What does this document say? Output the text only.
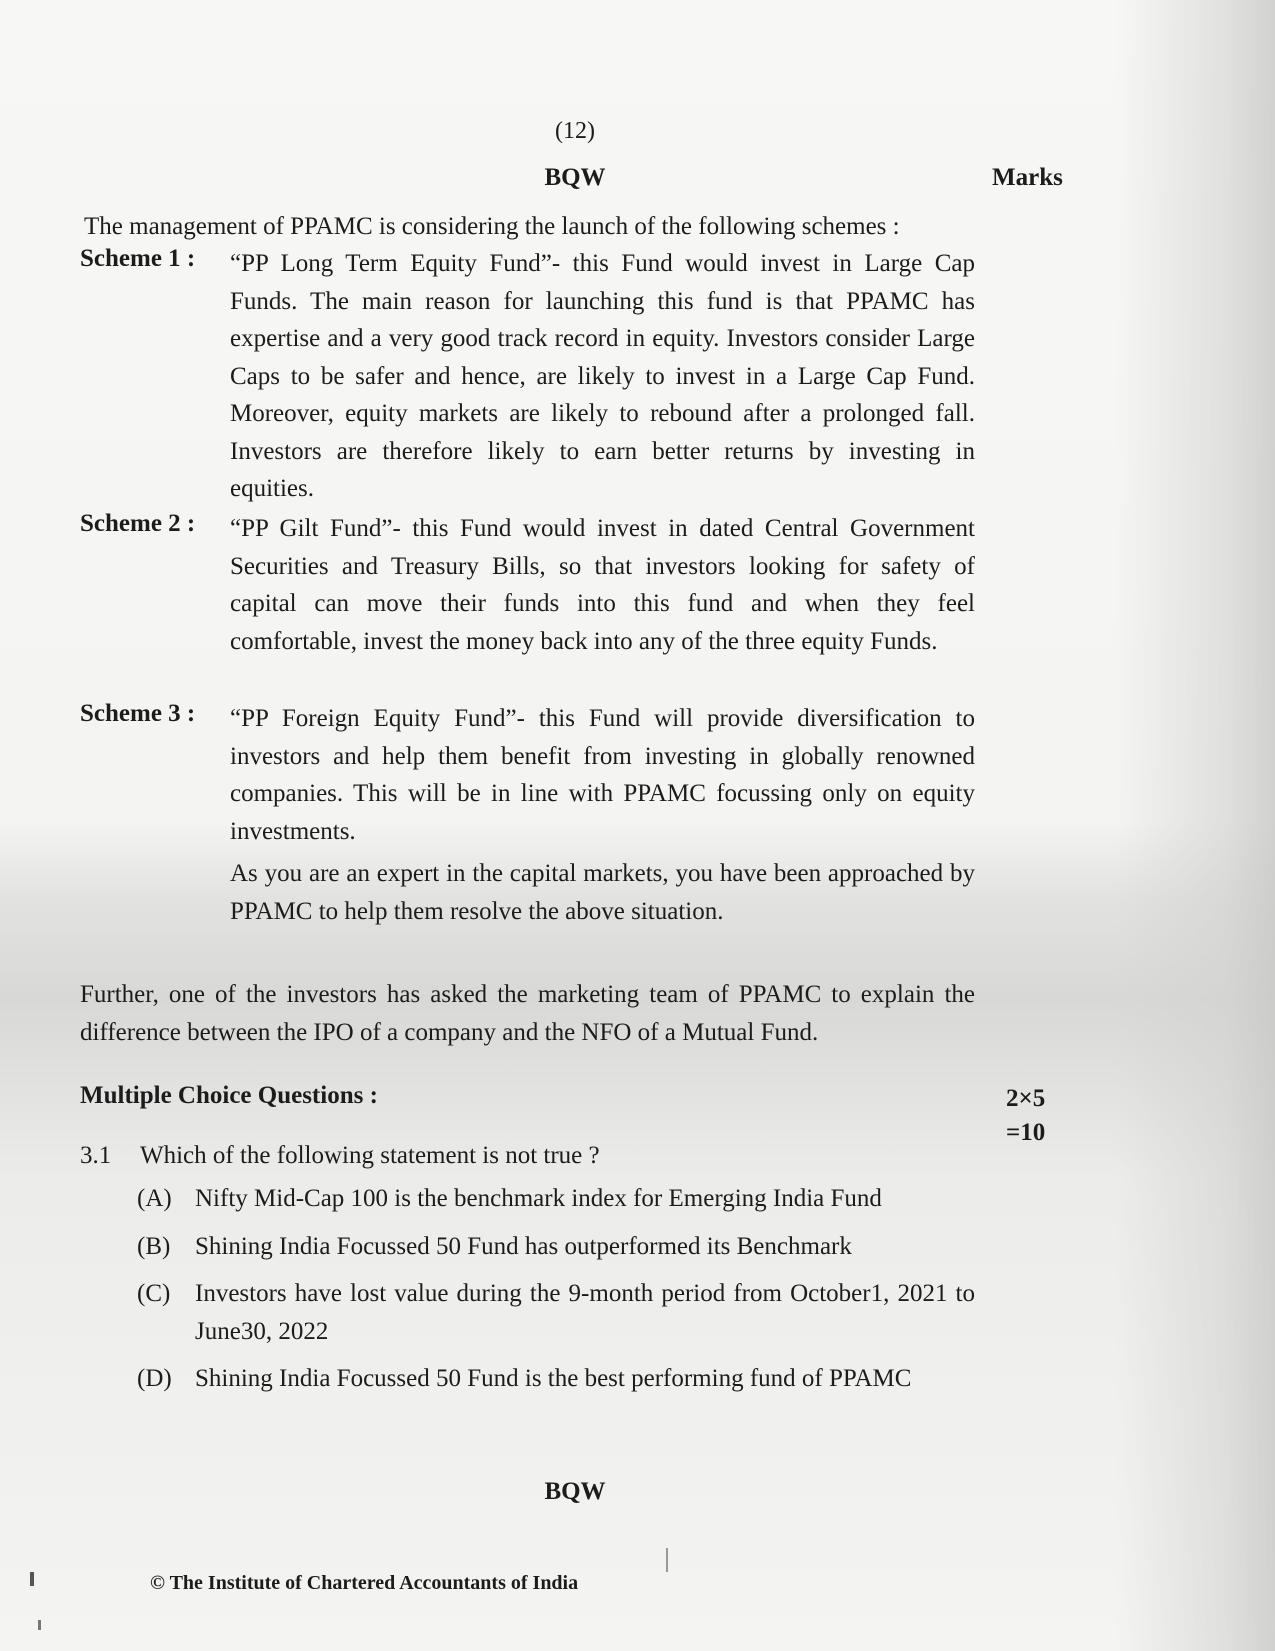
(12)
BQW	Marks
The management of PPAMC is considering the launch of the following schemes :
Scheme 1 : “PP Long Term Equity Fund”- this Fund would invest in Large Cap Funds. The main reason for launching this fund is that PPAMC has expertise and a very good track record in equity. Investors consider Large Caps to be safer and hence, are likely to invest in a Large Cap Fund. Moreover, equity markets are likely to rebound after a prolonged fall. Investors are therefore likely to earn better returns by investing in equities.
Scheme 2 : “PP Gilt Fund”- this Fund would invest in dated Central Government Securities and Treasury Bills, so that investors looking for safety of capital can move their funds into this fund and when they feel comfortable, invest the money back into any of the three equity Funds.
Scheme 3 : “PP Foreign Equity Fund”- this Fund will provide diversification to investors and help them benefit from investing in globally renowned companies. This will be in line with PPAMC focussing only on equity investments.
As you are an expert in the capital markets, you have been approached by PPAMC to help them resolve the above situation.
Further, one of the investors has asked the marketing team of PPAMC to explain the difference between the IPO of a company and the NFO of a Mutual Fund.
Multiple Choice Questions :	2×5
=10
3.1 Which of the following statement is not true ?
(A) Nifty Mid-Cap 100 is the benchmark index for Emerging India Fund
(B) Shining India Focussed 50 Fund has outperformed its Benchmark
(C) Investors have lost value during the 9-month period from October1, 2021 to June30, 2022
(D) Shining India Focussed 50 Fund is the best performing fund of PPAMC
BQW
© The Institute of Chartered Accountants of India
